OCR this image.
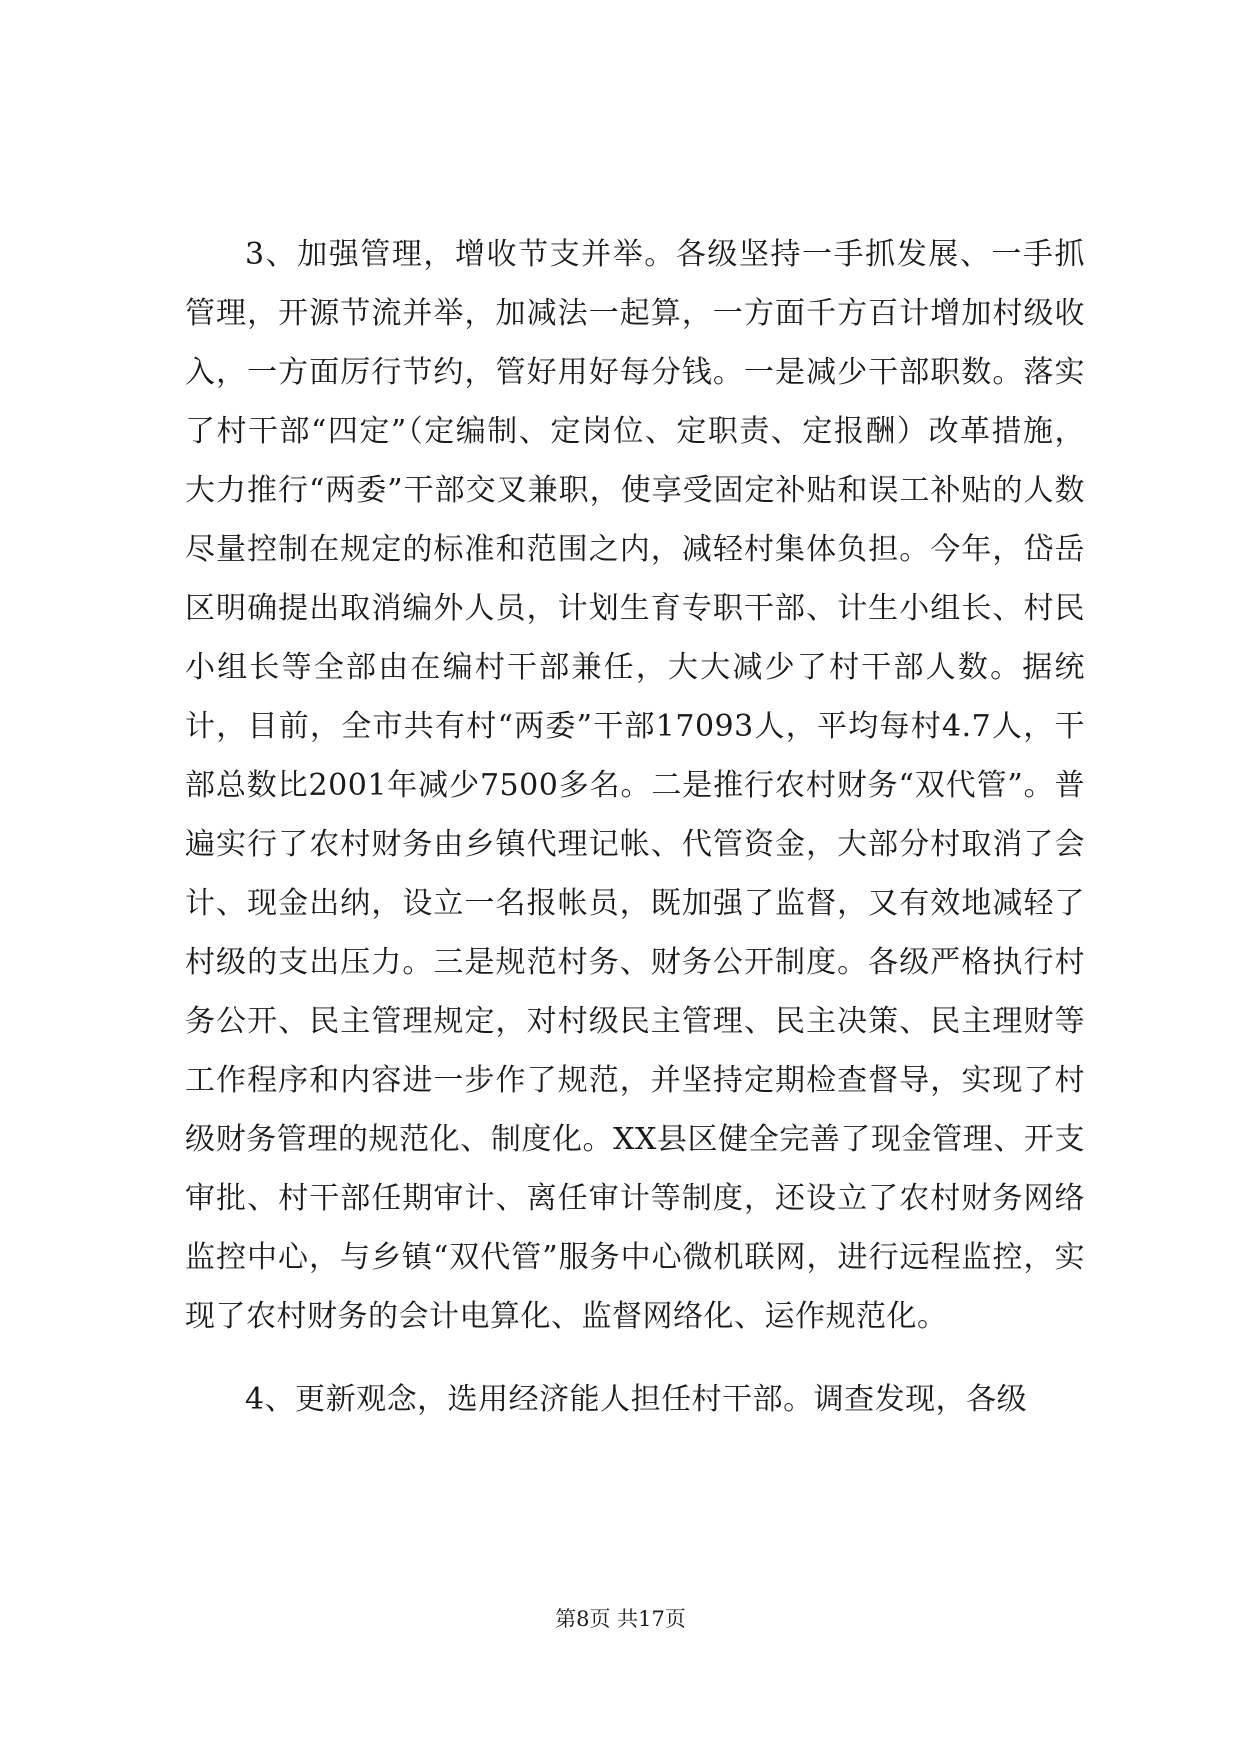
3、加强管理，增收节支并举。各级坚持一手抓发展、一手抓管理，开源节流并举，加减法一起算，一方面千方百计增加村级收入，一方面厉行节约，管好用好每分钱。一是减少干部职数。落实了村干部“四定”（定编制、定岗位、定职责、定报酬）改革措施，大力推行“两委”干部交叉兼职，使享受固定补贴和误工补贴的人数尽量控制在规定的标准和范围之内，减轻村集体负担。今年，岱岳区明确提出取消编外人员，计划生育专职干部、计生小组长、村民小组长等全部由在编村干部兼任，大大减少了村干部人数。据统计，目前，全市共有村“两委”干部17093人，平均每村4.7人，干部总数比2001年减少7500多名。二是推行农村财务“双代管”。普遍实行了农村财务由乡镇代理记帐、代管资金，大部分村取消了会计、现金出纳，设立一名报帐员，既加强了监督，又有效地减轻了村级的支出压力。三是规范村务、财务公开制度。各级严格执行村务公开、民主管理规定，对村级民主管理、民主决策、民主理财等工作程序和内容进一步作了规范，并坚持定期检查督导，实现了村级财务管理的规范化、制度化。XX县区健全完善了现金管理、开支审批、村干部任期审计、离任审计等制度，还设立了农村财务网络监控中心，与乡镇“双代管”服务中心微机联网，进行远程监控，实现了农村财务的会计电算化、监督网络化、运作规范化。

4、更新观念，选用经济能人担任村干部。调查发现，各级

第8页 共17页
